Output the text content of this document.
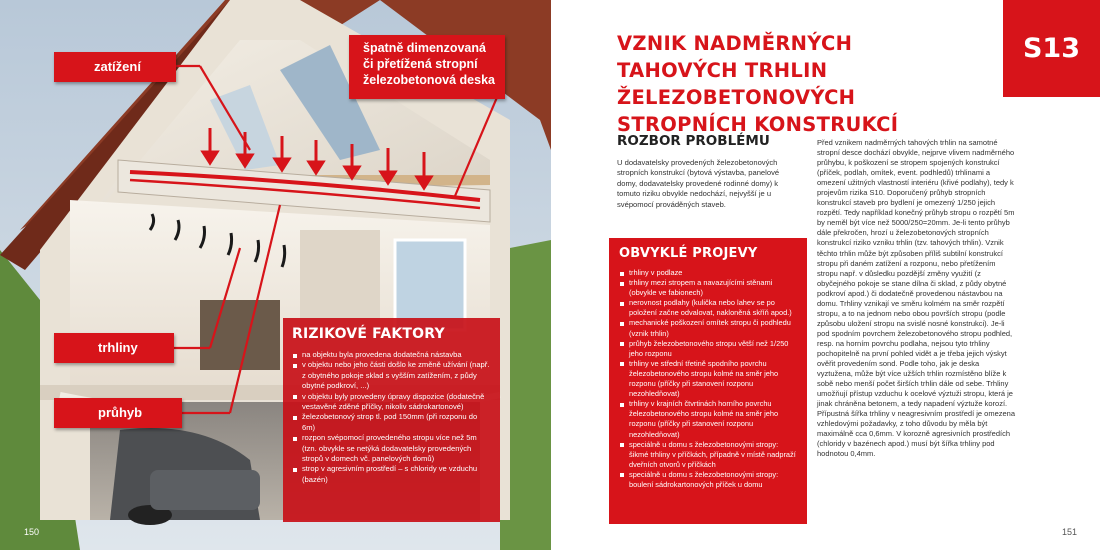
zatížení
špatně dimenzovaná či přetížená stropní železobetonová deska
trhliny
průhyb
RIZIKOVÉ FAKTORY
na objektu byla provedena dodatečná nástavba
v objektu nebo jeho části došlo ke změně užívání (např. z obytného pokoje sklad s vyšším zatížením, z půdy obytné podkroví, ...)
v objektu byly provedeny úpravy dispozice (dodatečně vestavěné zděné příčky, nikoliv sádrokartonové)
železobetonový strop tl. pod 150mm (při rozponu do 6m)
rozpon svépomocí provedeného stropu více než 5m (tzn. obvykle se netýká dodavatelsky provedených stropů v domech vč. panelových domů)
strop v agresivním prostředí – s chloridy ve vzduchu (bazén)
150
VZNIK NADMĚRNÝCH TAHOVÝCH TRHLIN ŽELEZOBETONOVÝCH STROPNÍCH KONSTRUKCÍ
S13
ROZBOR PROBLÉMU
U dodavatelsky provedených železobetonových stropních konstrukcí (bytová výstavba, panelové domy, dodavatelsky provedené rodinné domy) k tomuto riziku obvykle nedochází, nejvyšší je u svépomocí prováděných staveb.
OBVYKLÉ PROJEVY
trhliny v podlaze
trhliny mezi stropem a navazujícími stěnami (obvykle ve fabionech)
nerovnost podlahy (kulička nebo lahev se po položení začne odvalovat, nakloněná skříň apod.)
mechanické poškození omítek stropu či podhledu (vznik trhlin)
průhyb železobetonového stropu větší než 1/250 jeho rozponu
trhliny ve střední třetině spodního povrchu železobetonového stropu kolmé na směr jeho rozponu (příčky při stanovení rozponu nezohledňovat)
trhliny v krajních čtvrtinách horního povrchu železobetonového stropu kolmé na směr jeho rozponu (příčky při stanovení rozponu nezohledňovat)
speciálně u domu s železobetonovými stropy: šikmé trhliny v příčkách, případně v místě nadpraží dveřních otvorů v příčkách
speciálně u domu s železobetonovými stropy: boulení sádrokartonových příček u domu
Před vznikem nadměrných tahových trhlin na samotné stropní desce dochází obvykle, nejprve vlivem nadměrného průhybu, k poškození se stropem spojených konstrukcí (příček, podlah, omítek, event. podhledů) trhlinami a omezení užitných vlastností interiéru (křivé podlahy), tedy k projevům rizika S10. Doporučený průhyb stropních konstrukcí staveb pro bydlení je omezený 1/250 jejich rozpětí. Tedy například konečný průhyb stropu o rozpětí 5m by neměl být více než 5000/250=20mm. Je-li tento průhyb dále překročen, hrozí u železobetonových stropních konstrukcí riziko vzniku trhlin (tzv. tahových trhlin). Vznik těchto trhlin může být způsoben příliš subtilní konstrukcí stropu při daném zatížení a rozponu, nebo přetížením stropu např. v důsledku pozdější změny využití (z obyčejného pokoje se stane dílna či sklad, z půdy obytné podkroví apod.) či dodatečně provedenou nástavbou na domu. Trhliny vznikají ve směru kolmém na směr rozpětí stropu, a to na jednom nebo obou površích stropu (podle způsobu uložení stropu na svislé nosné konstrukci). Je-li pod spodním povrchem železobetonového stropu podhled, resp. na horním povrchu podlaha, nejsou tyto trhliny pochopitelně na první pohled vidět a je třeba jejich výskyt ověřit provedením sond. Podle toho, jak je deska vyztužena, může být více užších trhlin rozmístěno blíže k sobě nebo menší počet širších trhlin dále od sebe. Trhliny umožňují přístup vzduchu k ocelové výztuži stropu, která je jinak chráněna betonem, a tedy napadení výztuže korozí. Přípustná šířka trhliny v neagresivním prostředí je omezena vzhledovými požadavky, z toho důvodu by měla být maximálně cca 0,6mm. V korozně agresivních prostředích (chloridy v bazénech apod.) musí být šířka trhliny pod hodnotou 0,4mm.
151
